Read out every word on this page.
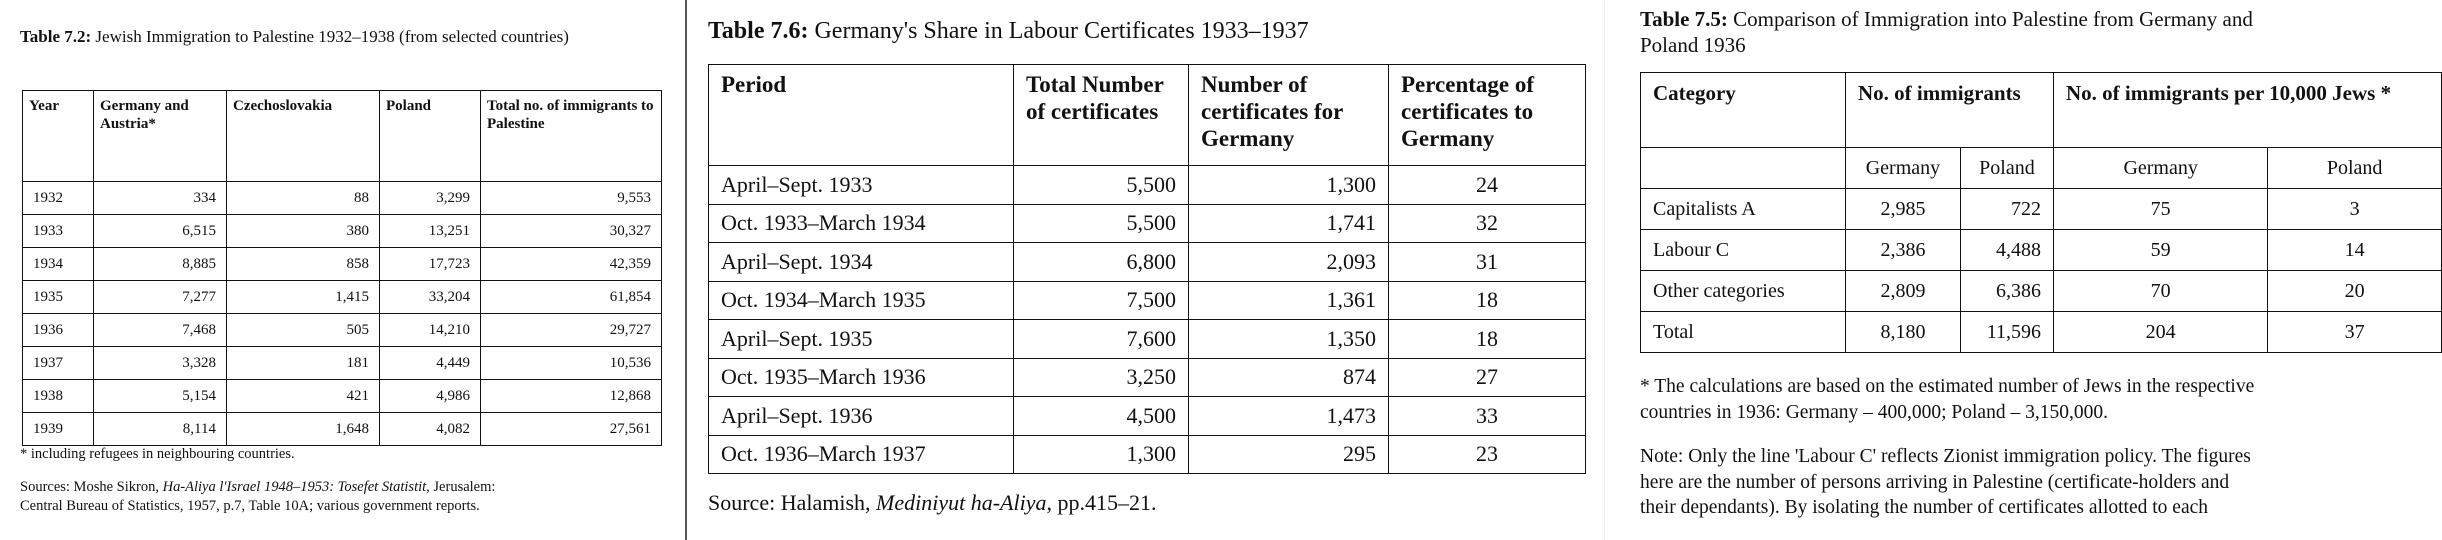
Table 7.2: Jewish Immigration to Palestine 1932–1938 (from selected countries)
Year	Germany and Austria*	Czechoslovakia	Poland	Total no. of immigrants to Palestine
1932	334	88	3,299	9,553
1933	6,515	380	13,251	30,327
1934	8,885	858	17,723	42,359
1935	7,277	1,415	33,204	61,854
1936	7,468	505	14,210	29,727
1937	3,328	181	4,449	10,536
1938	5,154	421	4,986	12,868
1939	8,114	1,648	4,082	27,561
* including refugees in neighbouring countries.
Sources: Moshe Sikron, Ha-Aliya l'Israel 1948–1953: Tosefet Statistit, Jerusalem:
Central Bureau of Statistics, 1957, p.7, Table 10A; various government reports.
Table 7.6: Germany's Share in Labour Certificates 1933–1937
Period	Total Number of certificates	Number of certificates for Germany	Percentage of certificates to Germany
April–Sept. 1933	5,500	1,300	24
Oct. 1933–March 1934	5,500	1,741	32
April–Sept. 1934	6,800	2,093	31
Oct. 1934–March 1935	7,500	1,361	18
April–Sept. 1935	7,600	1,350	18
Oct. 1935–March 1936	3,250	874	27
April–Sept. 1936	4,500	1,473	33
Oct. 1936–March 1937	1,300	295	23
Source: Halamish, Mediniyut ha-Aliya, pp.415–21.
Table 7.5: Comparison of Immigration into Palestine from Germany and
Poland 1936
Category	No. of immigrants		No. of immigrants per 10,000 Jews *	
	Germany	Poland	Germany	Poland
Capitalists A	2,985	722	75	3
Labour C	2,386	4,488	59	14
Other categories	2,809	6,386	70	20
Total	8,180	11,596	204	37
* The calculations are based on the estimated number of Jews in the respective
countries in 1936: Germany – 400,000; Poland – 3,150,000.
Note: Only the line 'Labour C' reflects Zionist immigration policy. The figures
here are the number of persons arriving in Palestine (certificate-holders and
their dependants). By isolating the number of certificates allotted to each
